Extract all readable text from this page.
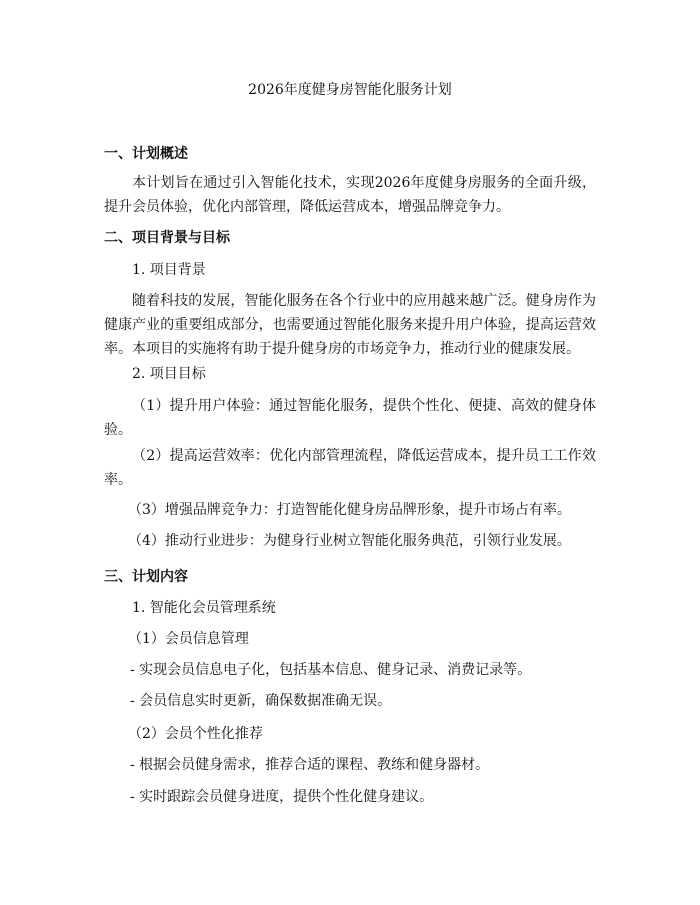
2026年度健身房智能化服务计划
一、计划概述
本计划旨在通过引入智能化技术，实现2026年度健身房服务的全面升级，提升会员体验，优化内部管理，降低运营成本，增强品牌竞争力。
二、项目背景与目标
1. 项目背景
随着科技的发展，智能化服务在各个行业中的应用越来越广泛。健身房作为健康产业的重要组成部分，也需要通过智能化服务来提升用户体验，提高运营效率。本项目的实施将有助于提升健身房的市场竞争力，推动行业的健康发展。
2. 项目目标
（1）提升用户体验：通过智能化服务，提供个性化、便捷、高效的健身体验。
（2）提高运营效率：优化内部管理流程，降低运营成本，提升员工工作效率。
（3）增强品牌竞争力：打造智能化健身房品牌形象，提升市场占有率。
（4）推动行业进步：为健身行业树立智能化服务典范，引领行业发展。
三、计划内容
1. 智能化会员管理系统
（1）会员信息管理
- 实现会员信息电子化，包括基本信息、健身记录、消费记录等。
- 会员信息实时更新，确保数据准确无误。
（2）会员个性化推荐
- 根据会员健身需求，推荐合适的课程、教练和健身器材。
- 实时跟踪会员健身进度，提供个性化健身建议。
